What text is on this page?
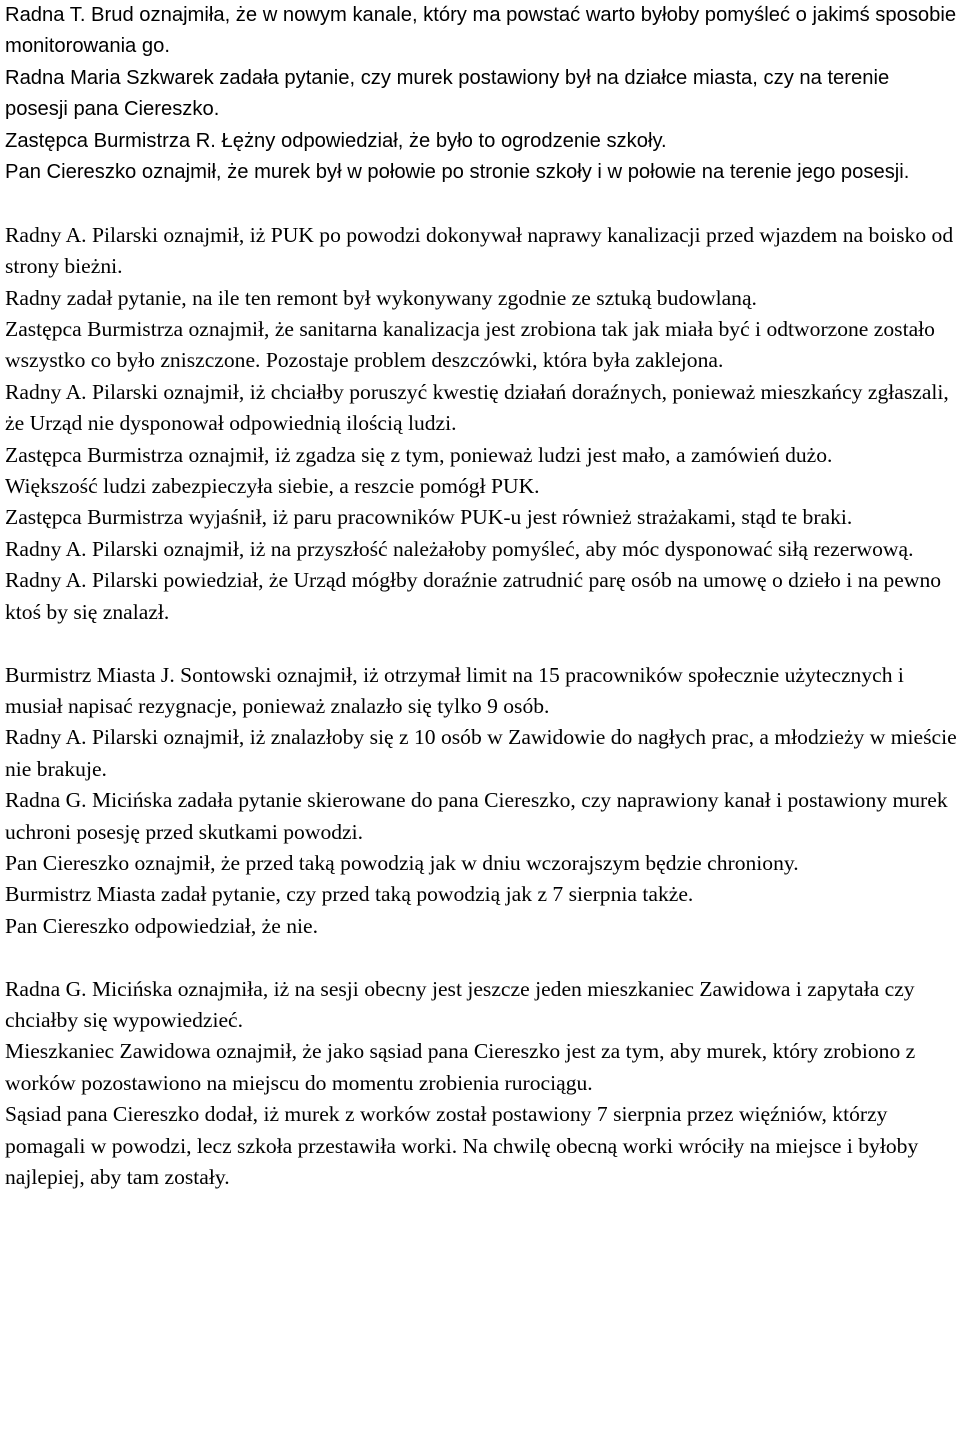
Radna T. Brud oznajmiła, że w nowym kanale, który ma powstać warto byłoby pomyśleć o jakimś sposobie monitorowania go.

Radna Maria Szkwarek zadała pytanie, czy murek postawiony był na działce miasta, czy na terenie posesji pana Ciereszko.

Zastępca Burmistrza R. Łężny odpowiedział, że było to ogrodzenie szkoły.

Pan Ciereszko oznajmił, że murek był w połowie po stronie szkoły i w połowie na terenie jego posesji.

Radny A. Pilarski oznajmił, iż PUK po powodzi dokonywał naprawy kanalizacji przed wjazdem na boisko od strony bieżni.

Radny zadał pytanie, na ile ten remont był wykonywany zgodnie ze sztuką budowlaną.

Zastępca Burmistrza oznajmił, że sanitarna kanalizacja jest zrobiona tak jak miała być i odtworzone zostało wszystko co było zniszczone. Pozostaje problem deszczówki, która była zaklejona.

Radny A. Pilarski oznajmił, iż chciałby poruszyć kwestię działań doraźnych, ponieważ mieszkańcy zgłaszali, że Urząd nie dysponował odpowiednią ilością ludzi.

Zastępca Burmistrza oznajmił, iż zgadza się z tym, ponieważ ludzi jest mało, a zamówień dużo.

Większość ludzi zabezpieczyła siebie, a reszcie pomógł PUK.

Zastępca Burmistrza wyjaśnił, iż paru pracowników PUK-u jest również strażakami, stąd te braki.

Radny A. Pilarski oznajmił, iż na przyszłość należałoby pomyśleć, aby móc dysponować siłą rezerwową.

Radny A. Pilarski powiedział, że Urząd mógłby doraźnie zatrudnić parę osób na umowę o dzieło i na pewno ktoś by się znalazł.

Burmistrz Miasta J. Sontowski oznajmił, iż otrzymał limit na 15 pracowników społecznie użytecznych i musiał napisać rezygnacje, ponieważ znalazło się tylko 9 osób.

Radny A. Pilarski oznajmił, iż znalazłoby się z 10 osób w Zawidowie do nagłych prac, a młodzieży w mieście nie brakuje.

Radna G. Micińska zadała pytanie skierowane do pana Ciereszko, czy naprawiony kanał i postawiony murek uchroni posesję przed skutkami powodzi.

Pan Ciereszko oznajmił, że przed taką powodzią jak w dniu wczorajszym będzie chroniony.

Burmistrz Miasta zadał pytanie, czy przed taką powodzią jak z 7 sierpnia także.

Pan Ciereszko odpowiedział, że nie.

Radna G. Micińska oznajmiła, iż na sesji obecny jest jeszcze jeden mieszkaniec Zawidowa i zapytała czy chciałby się wypowiedzieć.

Mieszkaniec Zawidowa oznajmił, że jako sąsiad pana Ciereszko jest za tym, aby murek, który zrobiono z worków pozostawiono na miejscu do momentu zrobienia rurociągu.

Sąsiad pana Ciereszko dodał, iż murek z worków został postawiony 7 sierpnia przez więźniów, którzy pomagali w powodzi, lecz szkoła przestawiła worki. Na chwilę obecną worki wróciły na miejsce i byłoby najlepiej, aby tam zostały.
